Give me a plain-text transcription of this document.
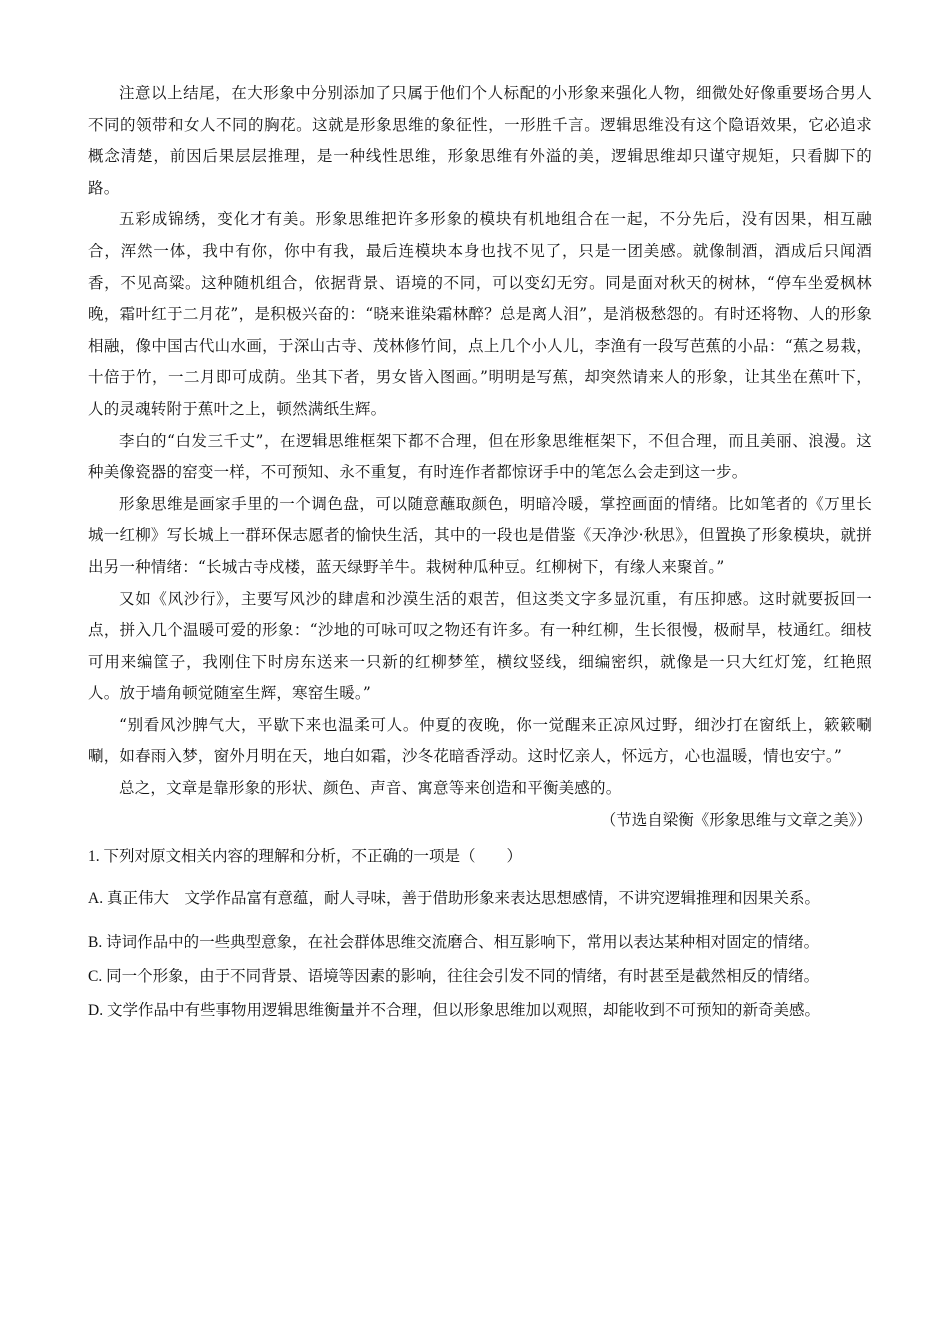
注意以上结尾，在大形象中分别添加了只属于他们个人标配的小形象来强化人物，细微处好像重要场合男人不同的领带和女人不同的胸花。这就是形象思维的象征性，一形胜千言。逻辑思维没有这个隐语效果，它必追求概念清楚，前因后果层层推理，是一种线性思维，形象思维有外溢的美，逻辑思维却只谨守规矩，只看脚下的路。

五彩成锦绣，变化才有美。形象思维把许多形象的模块有机地组合在一起，不分先后，没有因果，相互融合，浑然一体，我中有你，你中有我，最后连模块本身也找不见了，只是一团美感。就像制酒，酒成后只闻酒香，不见高粱。这种随机组合，依据背景、语境的不同，可以变幻无穷。同是面对秋天的树林，“停车坐爱枫林晚，霜叶红于二月花”，是积极兴奋的：“晓来谁染霜林醉？总是离人泪”，是消极愁怨的。有时还将物、人的形象相融，像中国古代山水画，于深山古寺、茂林修竹间，点上几个小人儿，李渔有一段写芭蕉的小品：“蕉之易栽，十倍于竹，一二月即可成荫。坐其下者，男女皆入图画。”明明是写蕉，却突然请来人的形象，让其坐在蕉叶下，人的灵魂转附于蕉叶之上，顿然满纸生辉。

李白的“白发三千丈”，在逻辑思维框架下都不合理，但在形象思维框架下，不但合理，而且美丽、浪漫。这种美像瓷器的窑变一样，不可预知、永不重复，有时连作者都惊讶手中的笔怎么会走到这一步。

形象思维是画家手里的一个调色盘，可以随意蘸取颜色，明暗冷暖，掌控画面的情绪。比如笔者的《万里长城一红柳》写长城上一群环保志愿者的愉快生活，其中的一段也是借鉴《天净沙·秋思》，但置换了形象模块，就拼出另一种情绪：“长城古寺戍楼，蓝天绿野羊牛。栽树种瓜种豆。红柳树下，有缘人来聚首。”

又如《风沙行》，主要写风沙的肆虐和沙漠生活的艰苦，但这类文字多显沉重，有压抑感。这时就要扳回一点，拼入几个温暖可爱的形象：“沙地的可咏可叹之物还有许多。有一种红柳，生长很慢，极耐旱，枝通红。细枝可用来编筐子，我刚住下时房东送来一只新的红柳梦笙，横纹竖线，细编密织，就像是一只大红灯笼，红艳照人。放于墙角顿觉随室生辉，寒窑生暖。”

“别看风沙脾气大，平歇下来也温柔可人。仲夏的夜晚，你一觉醒来正凉风过野，细沙打在窗纸上，簌簌唰唰，如春雨入梦，窗外月明在天，地白如霜，沙冬花暗香浮动。这时忆亲人，怀远方，心也温暖，情也安宁。”

总之，文章是靠形象的形状、颜色、声音、寓意等来创造和平衡美感的。

（节选自梁衡《形象思维与文章之美》）

1. 下列对原文相关内容的理解和分析，不正确的一项是（　　）

A. 真正伟大　文学作品富有意蕴，耐人寻味，善于借助形象来表达思想感情，不讲究逻辑推理和因果关系。

B. 诗词作品中的一些典型意象，在社会群体思维交流磨合、相互影响下，常用以表达某种相对固定的情绪。

C. 同一个形象，由于不同背景、语境等因素的影响，往往会引发不同的情绪，有时甚至是截然相反的情绪。

D. 文学作品中有些事物用逻辑思维衡量并不合理，但以形象思维加以观照，却能收到不可预知的新奇美感。
